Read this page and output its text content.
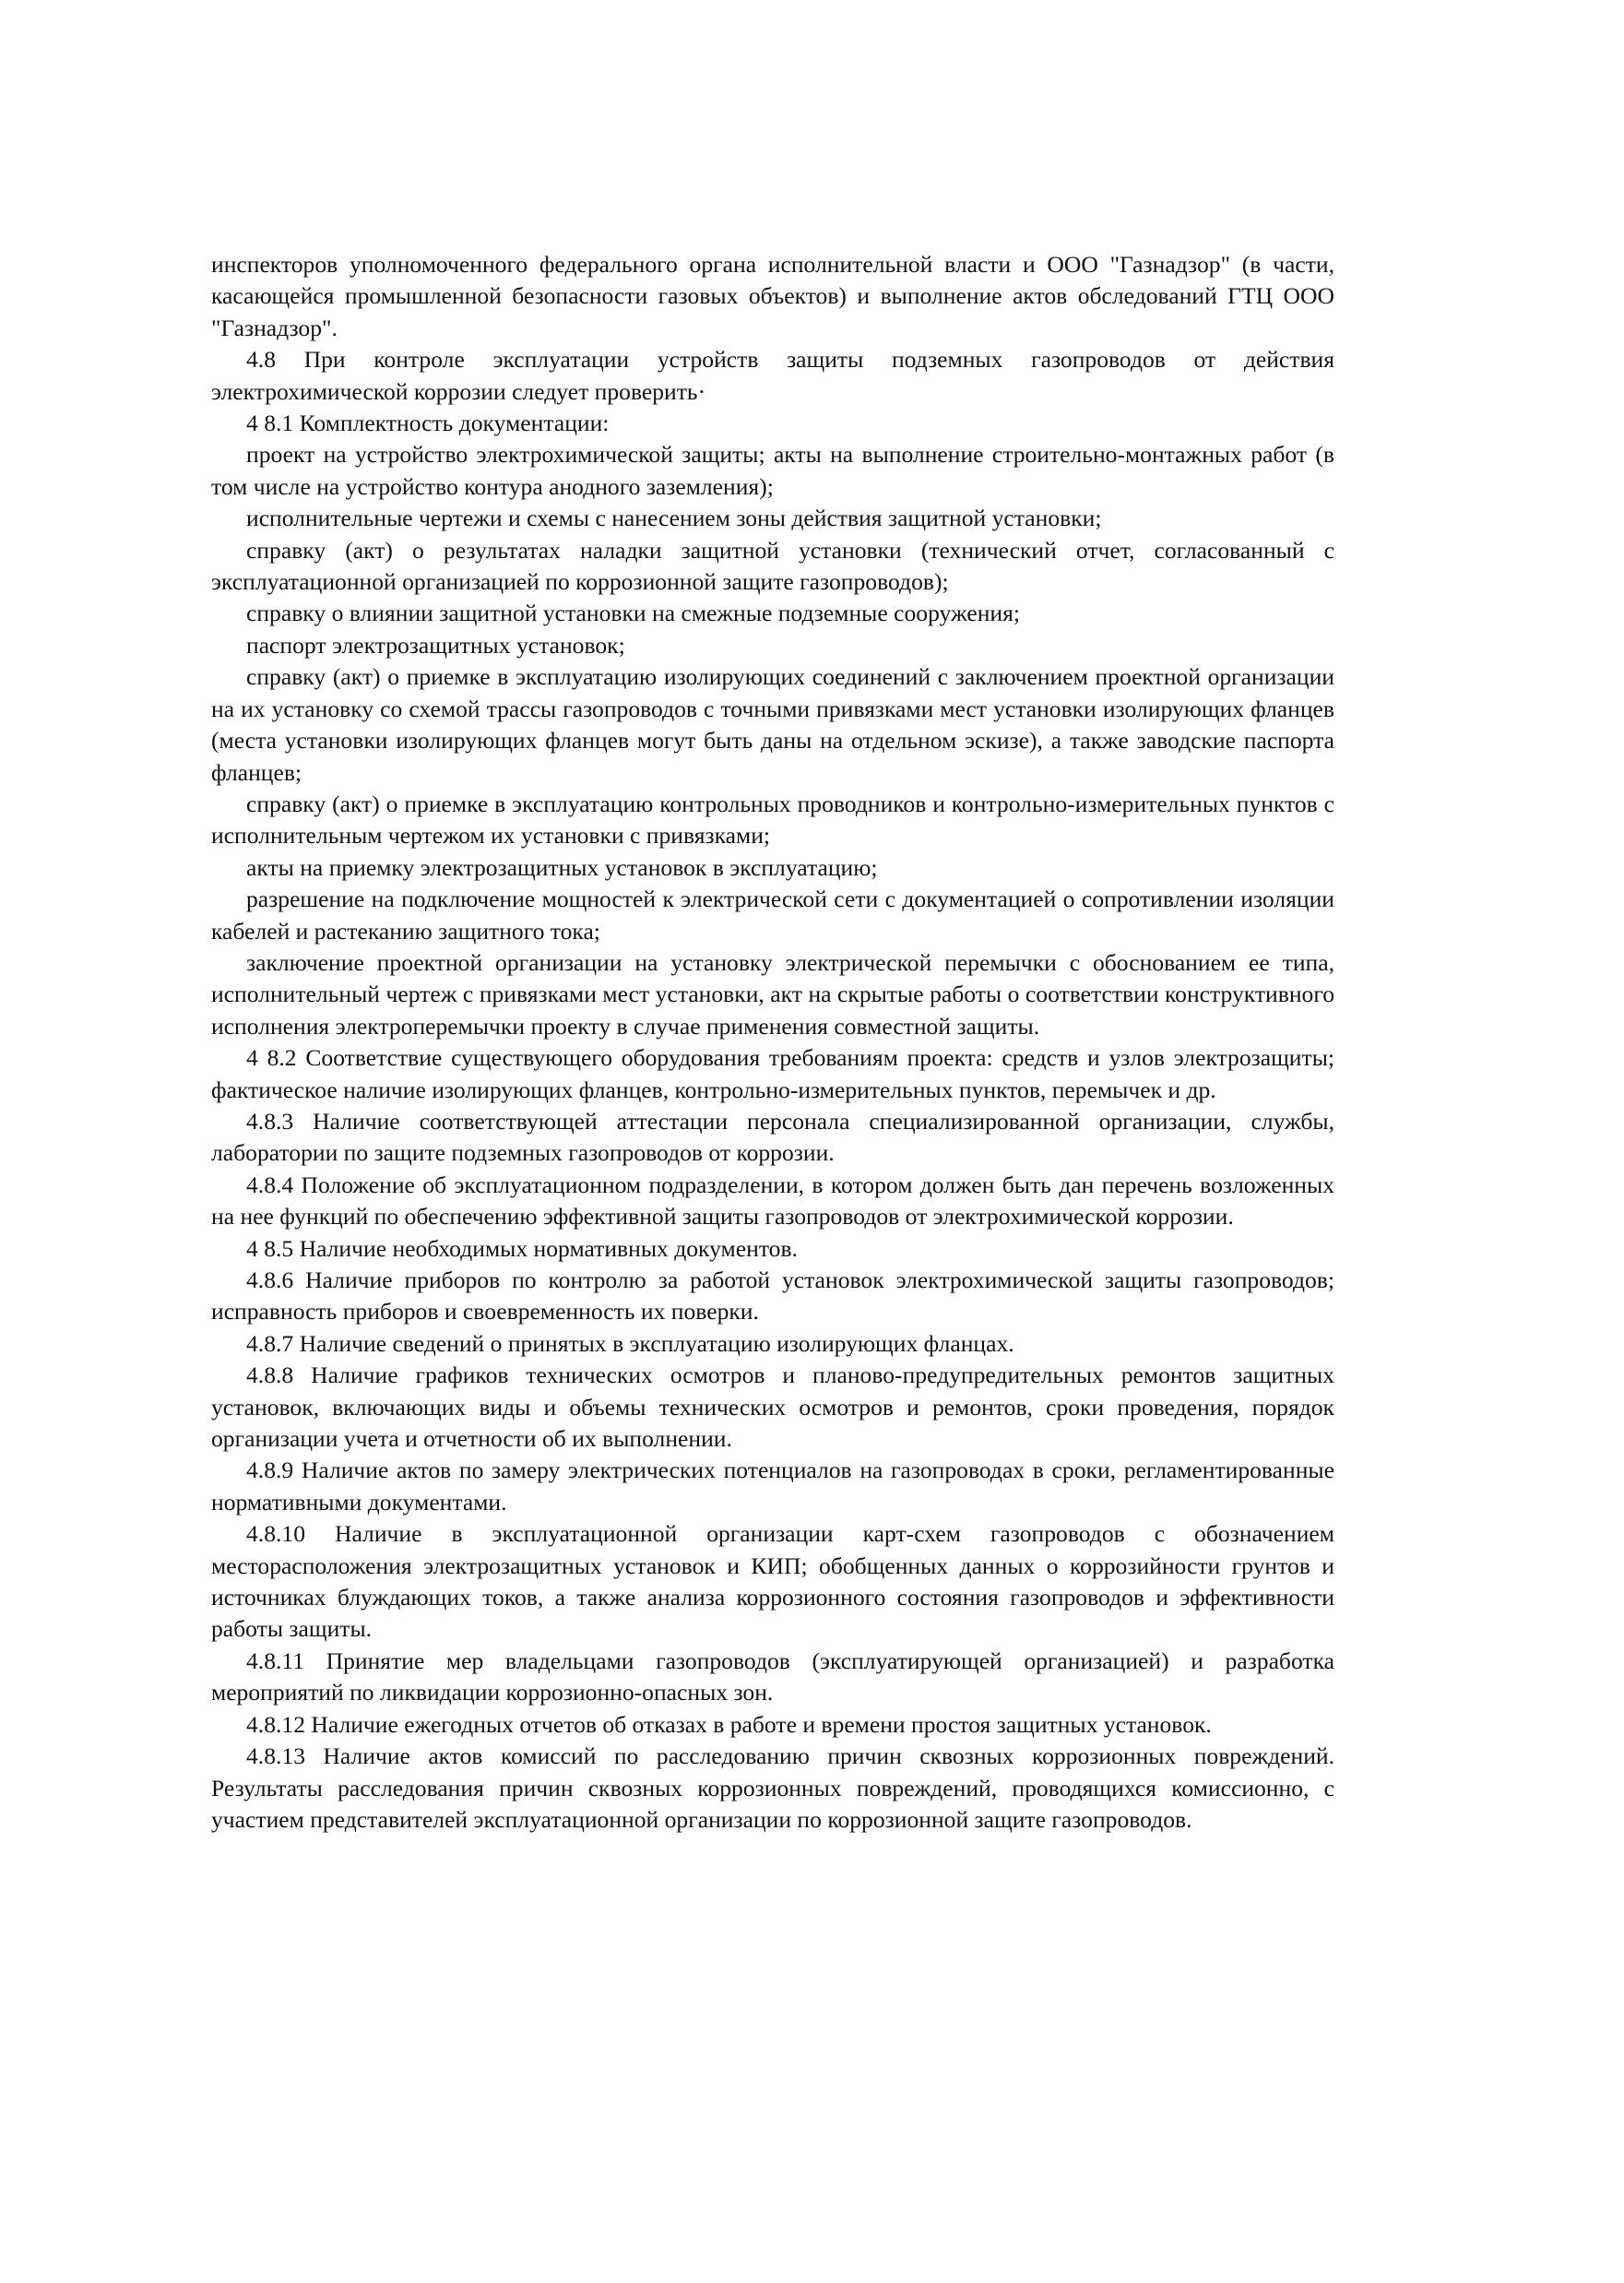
инспекторов уполномоченного федерального органа исполнительной власти и ООО "Газнадзор" (в части, касающейся промышленной безопасности газовых объектов) и выполнение актов обследований ГТЦ ООО "Газнадзор".

4.8 При контроле эксплуатации устройств защиты подземных газопроводов от действия электрохимической коррозии следует проверить·

4 8.1 Комплектность документации:

проект на устройство электрохимической защиты; акты на выполнение строительно-монтажных работ (в том числе на устройство контура анодного заземления);

исполнительные чертежи и схемы с нанесением зоны действия защитной установки;

справку (акт) о результатах наладки защитной установки (технический отчет, согласованный с эксплуатационной организацией по коррозионной защите газопроводов);

справку о влиянии защитной установки на смежные подземные сооружения;

паспорт электрозащитных установок;

справку (акт) о приемке в эксплуатацию изолирующих соединений с заключением проектной организации на их установку со схемой трассы газопроводов с точными привязками мест установки изолирующих фланцев (места установки изолирующих фланцев могут быть даны на отдельном эскизе), а также заводские паспорта фланцев;

справку (акт) о приемке в эксплуатацию контрольных проводников и контрольно-измерительных пунктов с исполнительным чертежом их установки с привязками;

акты на приемку электрозащитных установок в эксплуатацию;

разрешение на подключение мощностей к электрической сети с документацией о сопротивлении изоляции кабелей и растеканию защитного тока;

заключение проектной организации на установку электрической перемычки с обоснованием ее типа, исполнительный чертеж с привязками мест установки, акт на скрытые работы о соответствии конструктивного исполнения электроперемычки проекту в случае применения совместной защиты.

4 8.2 Соответствие существующего оборудования требованиям проекта: средств и узлов электрозащиты; фактическое наличие изолирующих фланцев, контрольно-измерительных пунктов, перемычек и др.

4.8.3 Наличие соответствующей аттестации персонала специализированной организации, службы, лаборатории по защите подземных газопроводов от коррозии.

4.8.4 Положение об эксплуатационном подразделении, в котором должен быть дан перечень возложенных на нее функций по обеспечению эффективной защиты газопроводов от электрохимической коррозии.

4 8.5 Наличие необходимых нормативных документов.

4.8.6 Наличие приборов по контролю за работой установок электрохимической защиты газопроводов; исправность приборов и своевременность их поверки.

4.8.7 Наличие сведений о принятых в эксплуатацию изолирующих фланцах.

4.8.8 Наличие графиков технических осмотров и планово-предупредительных ремонтов защитных установок, включающих виды и объемы технических осмотров и ремонтов, сроки проведения, порядок организации учета и отчетности об их выполнении.

4.8.9 Наличие актов по замеру электрических потенциалов на газопроводах в сроки, регламентированные нормативными документами.

4.8.10 Наличие в эксплуатационной организации карт-схем газопроводов с обозначением месторасположения электрозащитных установок и КИП; обобщенных данных о коррозийности грунтов и источниках блуждающих токов, а также анализа коррозионного состояния газопроводов и эффективности работы защиты.

4.8.11 Принятие мер владельцами газопроводов (эксплуатирующей организацией) и разработка мероприятий по ликвидации коррозионно-опасных зон.

4.8.12 Наличие ежегодных отчетов об отказах в работе и времени простоя защитных установок.

4.8.13 Наличие актов комиссий по расследованию причин сквозных коррозионных повреждений. Результаты расследования причин сквозных коррозионных повреждений, проводящихся комиссионно, с участием представителей эксплуатационной организации по коррозионной защите газопроводов.
